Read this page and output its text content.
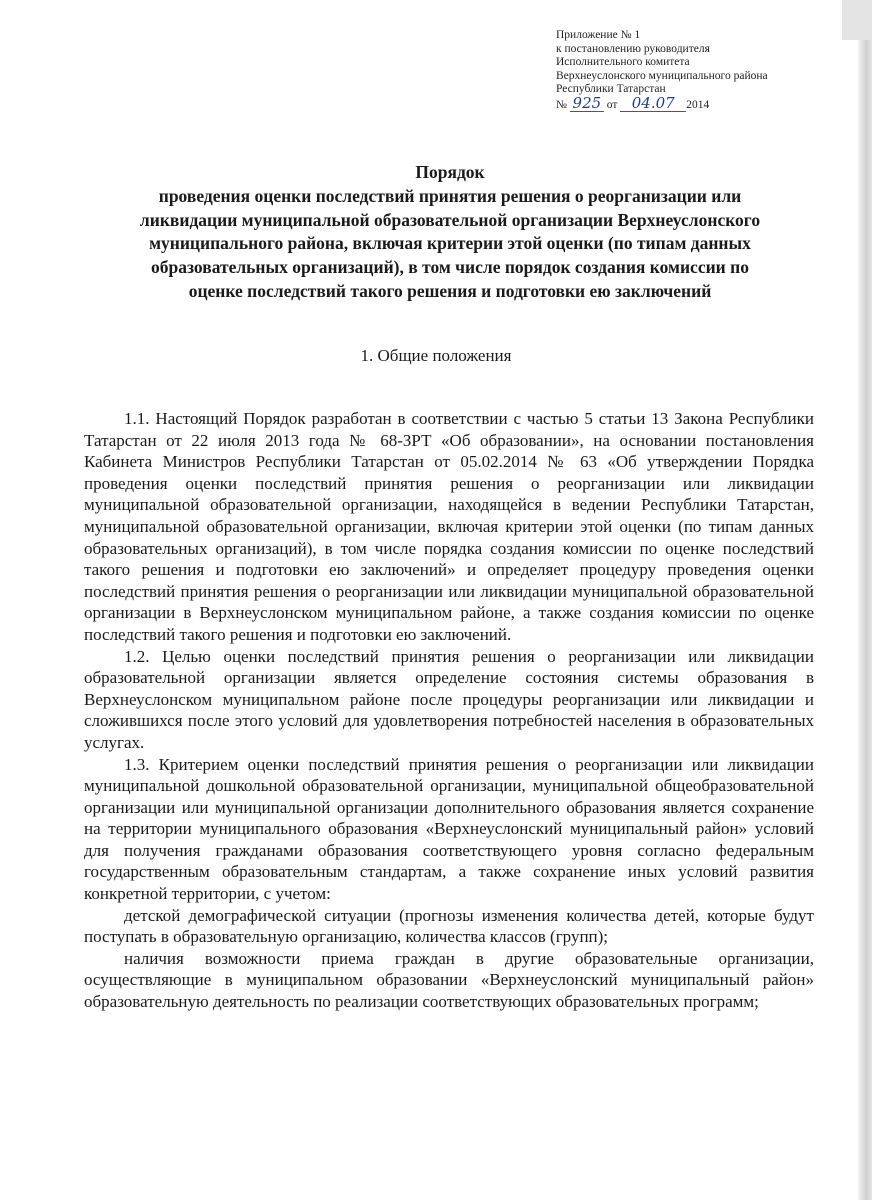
Приложение № 1
к постановлению руководителя
Исполнительного комитета
Верхнеуслонского муниципального района
Республики Татарстан
№ 925 от 04.07 2014
Порядок
проведения оценки последствий принятия решения о реорганизации или
ликвидации муниципальной образовательной организации Верхнеуслонского
муниципального района, включая критерии этой оценки (по типам данных
образовательных организаций), в том числе порядок создания комиссии по
оценке последствий такого решения и подготовки ею заключений
1. Общие положения

1.1. Настоящий Порядок разработан в соответствии с частью 5 статьи 13 Закона Республики Татарстан от 22 июля 2013 года № 68-ЗРТ «Об образовании», на основании постановления Кабинета Министров Республики Татарстан от 05.02.2014 № 63 «Об утверждении Порядка проведения оценки последствий принятия решения о реорганизации или ликвидации муниципальной образовательной организации, находящейся в ведении Республики Татарстан, муниципальной образовательной организации, включая критерии этой оценки (по типам данных образовательных организаций), в том числе порядка создания комиссии по оценке последствий такого решения и подготовки ею заключений» и определяет процедуру проведения оценки последствий принятия решения о реорганизации или ликвидации муниципальной образовательной организации в Верхнеуслонском муниципальном районе, а также создания комиссии по оценке последствий такого решения и подготовки ею заключений.

1.2. Целью оценки последствий принятия решения о реорганизации или ликвидации образовательной организации является определение состояния системы образования в Верхнеуслонском муниципальном районе после процедуры реорганизации или ликвидации и сложившихся после этого условий для удовлетворения потребностей населения в образовательных услугах.

1.3. Критерием оценки последствий принятия решения о реорганизации или ликвидации муниципальной дошкольной образовательной организации, муниципальной общеобразовательной организации или муниципальной организации дополнительного образования является сохранение на территории муниципального образования «Верхнеуслонский муниципальный район» условий для получения гражданами образования соответствующего уровня согласно федеральным государственным образовательным стандартам, а также сохранение иных условий развития конкретной территории, с учетом:

детской демографической ситуации (прогнозы изменения количества детей, которые будут поступать в образовательную организацию, количества классов (групп);

наличия возможности приема граждан в другие образовательные организации, осуществляющие в муниципальном образовании «Верхнеуслонский муниципальный район» образовательную деятельность по реализации соответствующих образовательных программ;
